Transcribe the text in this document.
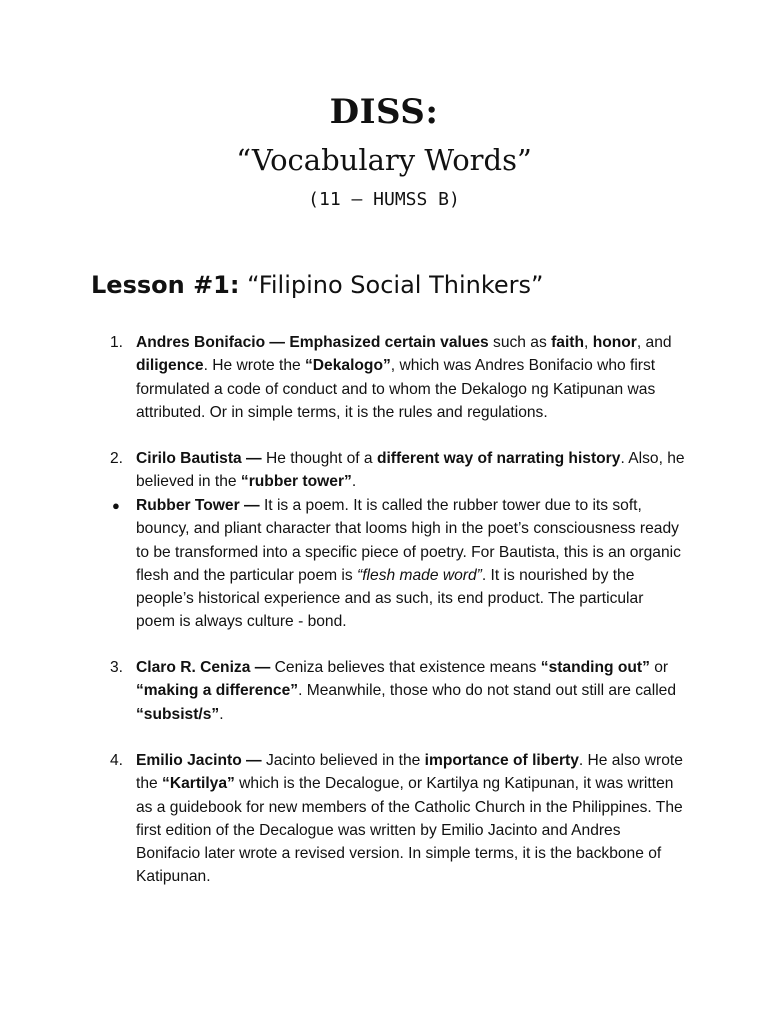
DISS:
“Vocabulary Words”
(11 — HUMSS B)
Lesson #1: “Filipino Social Thinkers”
1. Andres Bonifacio — Emphasized certain values such as faith, honor, and diligence. He wrote the “Dekalogo”, which was Andres Bonifacio who first formulated a code of conduct and to whom the Dekalogo ng Katipunan was attributed. Or in simple terms, it is the rules and regulations.
2. Cirilo Bautista — He thought of a different way of narrating history. Also, he believed in the “rubber tower”.
● Rubber Tower — It is a poem. It is called the rubber tower due to its soft, bouncy, and pliant character that looms high in the poet’s consciousness ready to be transformed into a specific piece of poetry. For Bautista, this is an organic flesh and the particular poem is “flesh made word”. It is nourished by the people’s historical experience and as such, its end product. The particular poem is always culture - bond.
3. Claro R. Ceniza — Ceniza believes that existence means “standing out” or “making a difference”. Meanwhile, those who do not stand out still are called “subsist/s”.
4. Emilio Jacinto — Jacinto believed in the importance of liberty. He also wrote the “Kartilya” which is the Decalogue, or Kartilya ng Katipunan, it was written as a guidebook for new members of the Catholic Church in the Philippines. The first edition of the Decalogue was written by Emilio Jacinto and Andres Bonifacio later wrote a revised version. In simple terms, it is the backbone of Katipunan.
